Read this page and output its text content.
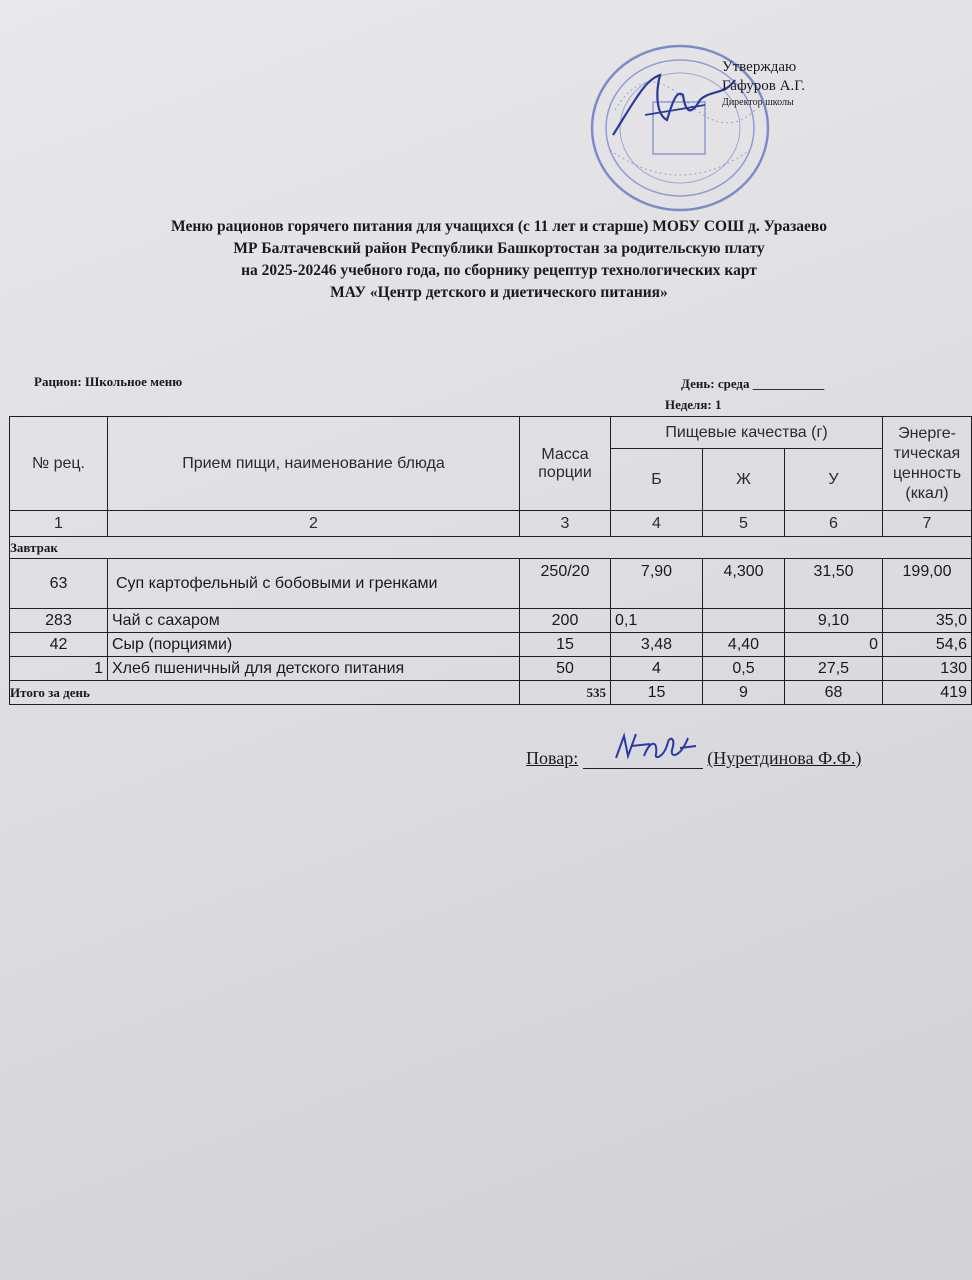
Утверждаю
Гафуров А.Г.
Директор школы
Меню рационов горячего питания для учащихся (с 11 лет и старше) МОБУ СОШ д. Уразаево
МР Балтачевский район Республики Башкортостан за родительскую плату
на 2025-20246 учебного года, по сборнику рецептур технологических карт
МАУ «Центр детского и диетического питания»
Рацион: Школьное меню	День: среда ___________
Неделя: 1
№ рец.	Прием пищи, наименование блюда	Масса порции	Пищевые качества (г)			Энерге-тическая ценность (ккал)
			Б	Ж	У	
1	2	3	4	5	6	7
Завтрак						
63	Суп картофельный с бобовыми и гренками	250/20	7,90	4,300	31,50	199,00
283	Чай с сахаром	200	0,1		9,10	35,0
42	Сыр (порциями)	15	3,48	4,40	0	54,6
1	Хлеб пшеничный для детского питания	50	4	0,5	27,5	130
Итого за день		535	15	9	68	419
Повар:	(Нуретдинова Ф.Ф.)
